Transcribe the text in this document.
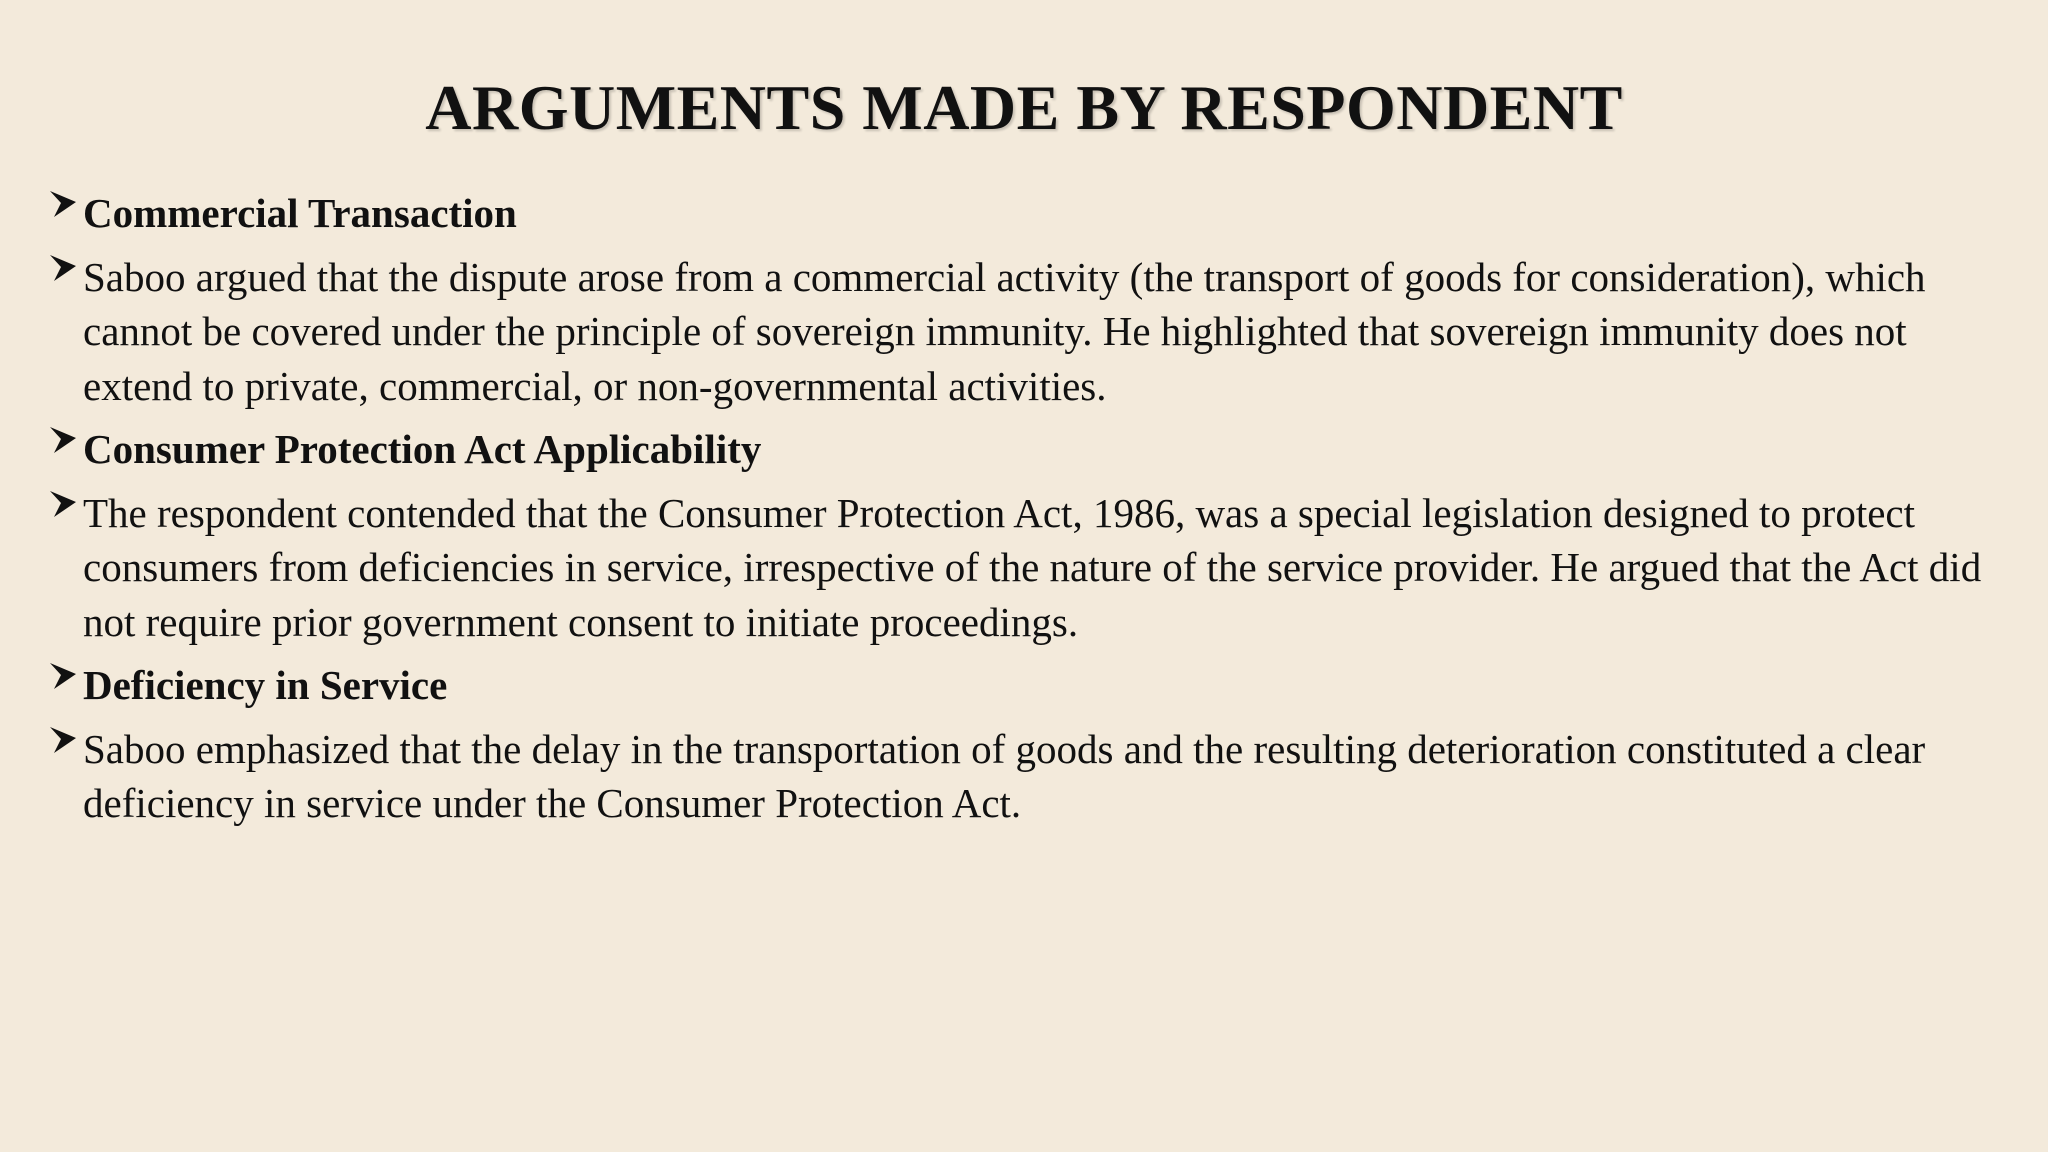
ARGUMENTS MADE BY RESPONDENT
Commercial Transaction
Saboo argued that the dispute arose from a commercial activity (the transport of goods for consideration), which cannot be covered under the principle of sovereign immunity. He highlighted that sovereign immunity does not extend to private, commercial, or non-governmental activities.
Consumer Protection Act Applicability
The respondent contended that the Consumer Protection Act, 1986, was a special legislation designed to protect consumers from deficiencies in service, irrespective of the nature of the service provider. He argued that the Act did not require prior government consent to initiate proceedings.
Deficiency in Service
Saboo emphasized that the delay in the transportation of goods and the resulting deterioration constituted a clear deficiency in service under the Consumer Protection Act.
